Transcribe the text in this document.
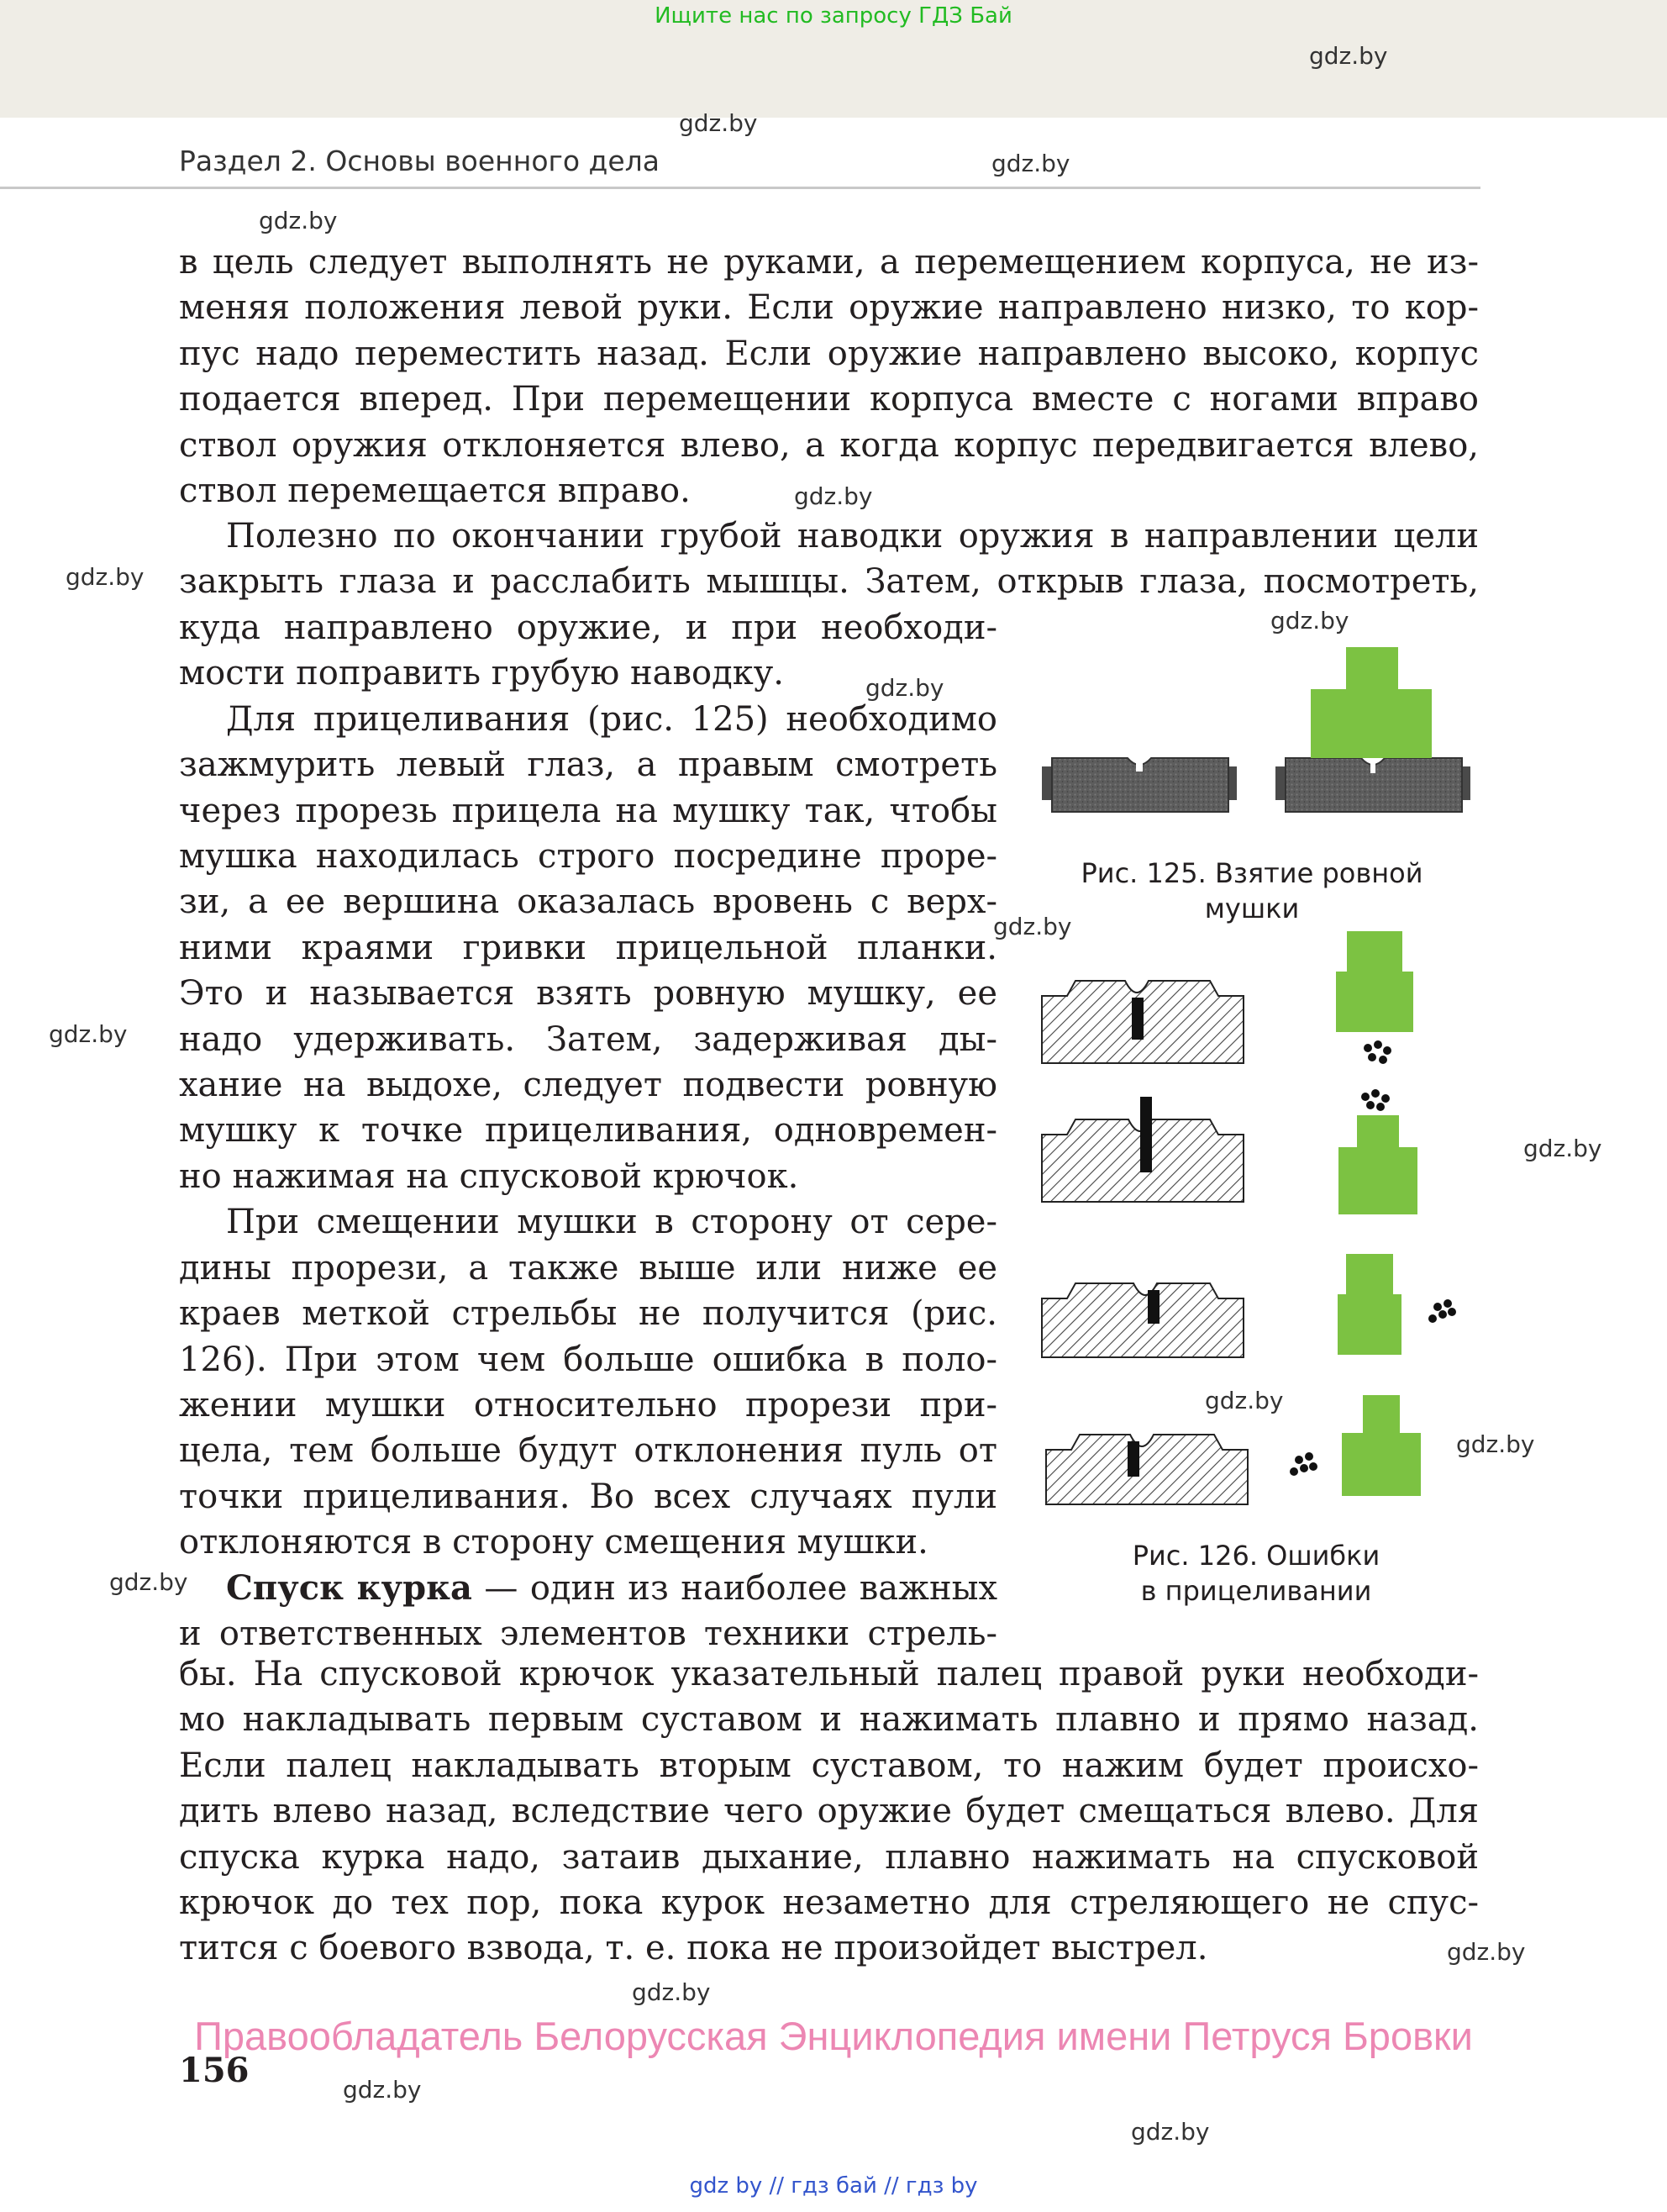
Ищите нас по запросу ГДЗ Бай
gdz.by
gdz.by
gdz.by
gdz.by
gdz.by
gdz.by
gdz.by
gdz.by
gdz.by
gdz.by
gdz.by
gdz.by
gdz.by
gdz.by
gdz.by
gdz.by
gdz.by
gdz.by
Раздел 2. Основы военного дела

в цель следует выполнять не руками, а перемещением корпуса, не из-

меняя положения левой руки. Если оружие направлено низко, то кор-

пус надо переместить назад. Если оружие направлено высоко, корпус

подается вперед. При перемещении корпуса вместе с ногами вправо

ствол оружия отклоняется влево, а когда корпус передвигается влево,

ствол перемещается вправо.

Полезно по окончании грубой наводки оружия в направлении цели

закрыть глаза и расслабить мышцы. Затем, открыв глаза, посмотреть,

куда направлено оружие, и при необходи-

мости поправить грубую наводку.

Для прицеливания (рис. 125) необходимо

зажмурить левый глаз, а правым смотреть

через прорезь прицела на мушку так, чтобы

мушка находилась строго посредине проре-

зи, а ее вершина оказалась вровень с верх-

ними краями гривки прицельной планки.

Это и называется взять ровную мушку, ее

надо удерживать. Затем, задерживая ды-

хание на выдохе, следует подвести ровную

мушку к точке прицеливания, одновремен-

но нажимая на спусковой крючок.

При смещении мушки в сторону от сере-

дины прорези, а также выше или ниже ее

краев меткой стрельбы не получится (рис.

126). При этом чем больше ошибка в поло-

жении мушки относительно прорези при-

цела, тем больше будут отклонения пуль от

точки прицеливания. Во всех случаях пули

отклоняются в сторону смещения мушки.

Спуск курка — один из наиболее важных

и ответственных элементов техники стрель-

бы. На спусковой крючок указательный палец правой руки необходи-

мо накладывать первым суставом и нажимать плавно и прямо назад.

Если палец накладывать вторым суставом, то нажим будет происхо-

дить влево назад, вследствие чего оружие будет смещаться влево. Для

спуска курка надо, затаив дыхание, плавно нажимать на спусковой

крючок до тех пор, пока курок незаметно для стреляющего не спус-

тится с боевого взвода, т. е. пока не произойдет выстрел.

Рис. 125. Взятие ровной мушки
Рис. 126. Ошибки
в прицеливании
Правообладатель Белорусская Энциклопедия имени Петруся Бровки
156
gdz by // гдз бай // гдз by
